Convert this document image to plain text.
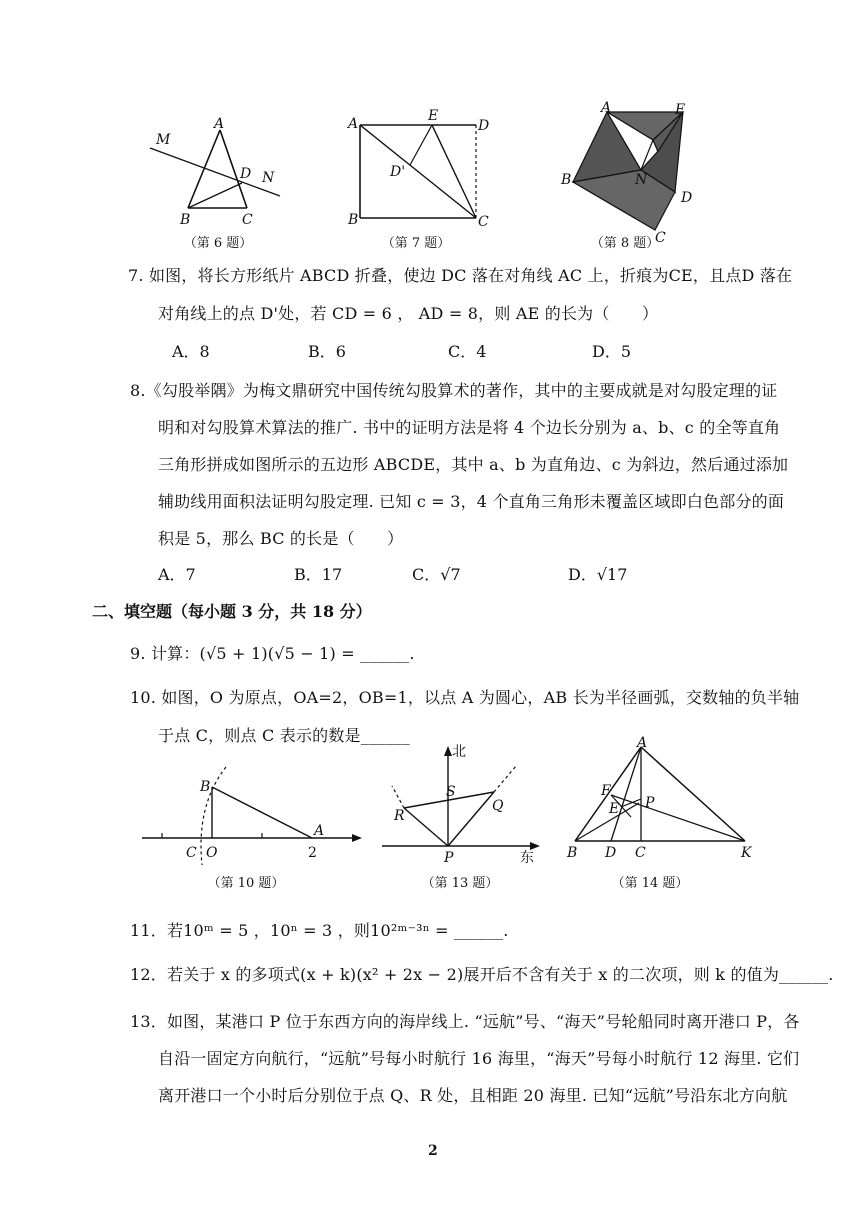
A
M
D N
B	C
（第 6 题）
A	E
D
D'
B	C
（第 7 题）
A	E
B	N
D
C
（第 8 题）
7. 如图，将长方形纸片 ABCD 折叠，使边 DC 落在对角线 AC 上，折痕为CE，且点D 落在
对角线上的点 D'处，若 CD = 6 ， AD = 8，则 AE 的长为（　　）
A．8	B．6	C．4	D．5
8.《勾股举隅》为梅文鼎研究中国传统勾股算术的著作，其中的主要成就是对勾股定理的证
明和对勾股算术算法的推广. 书中的证明方法是将 4 个边长分别为 a、b、c 的全等直角
三角形拼成如图所示的五边形 ABCDE，其中 a、b 为直角边、c 为斜边，然后通过添加
辅助线用面积法证明勾股定理. 已知 c = 3，4 个直角三角形未覆盖区域即白色部分的面
积是 5，那么 BC 的长是（　　）
A．7	B．17	C．√7	D．√17
二、填空题（每小题 3 分，共 18 分）
9. 计算：(√5 + 1)(√5 − 1) = ______.
10. 如图，O 为原点，OA=2，OB=1，以点 A 为圆心，AB 长为半径画弧，交数轴的负半轴
于点 C，则点 C 表示的数是______
B
A
C O	2
（第 10 题）
北
东
R
S
Q
P
（第 13 题）
A
F
E P
B D C	K
（第 14 题）
11．若10ᵐ = 5 ，10ⁿ = 3 ，则10²ᵐ⁻³ⁿ = ______.
12．若关于 x 的多项式(x + k)(x² + 2x − 2)展开后不含有关于 x 的二次项，则 k 的值为______.
13．如图，某港口 P 位于东西方向的海岸线上. “远航”号、“海天”号轮船同时离开港口 P，各
自沿一固定方向航行，“远航”号每小时航行 16 海里，“海天”号每小时航行 12 海里. 它们
离开港口一个小时后分别位于点 Q、R 处，且相距 20 海里. 已知“远航”号沿东北方向航
2
